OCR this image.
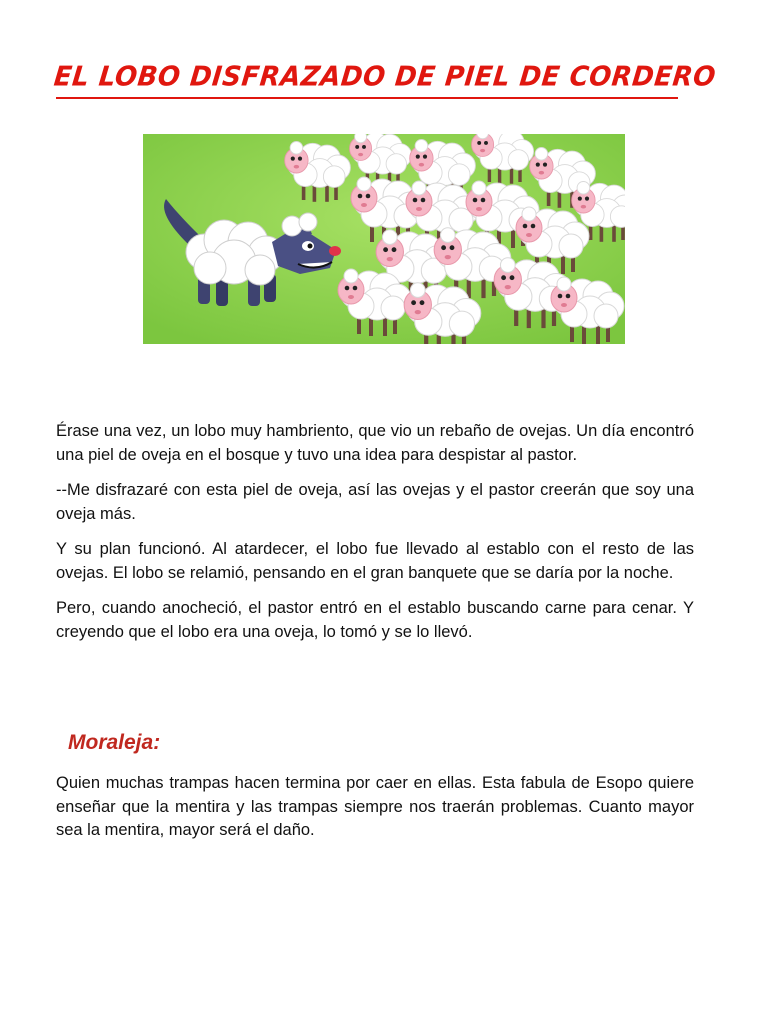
EL LOBO DISFRAZADO DE PIEL DE CORDERO

Érase una vez, un lobo muy hambriento, que vio un rebaño de ovejas. Un día encontró una piel de oveja en el bosque y tuvo una idea para despistar al pastor.

--Me disfrazaré con esta piel de oveja, así las ovejas y el pastor creerán que soy una oveja más.

Y su plan funcionó. Al atardecer, el lobo fue llevado al establo con el resto de las ovejas. El lobo se relamió, pensando en el gran banquete que se daría por la noche.

Pero, cuando anocheció, el pastor entró en el establo buscando carne para cenar. Y creyendo que el lobo era una oveja, lo tomó y se lo llevó.

Moraleja:
Quien muchas trampas hacen termina por caer en ellas. Esta fabula de Esopo quiere enseñar que la mentira y las trampas siempre nos traerán problemas. Cuanto mayor sea la mentira, mayor será el daño.
